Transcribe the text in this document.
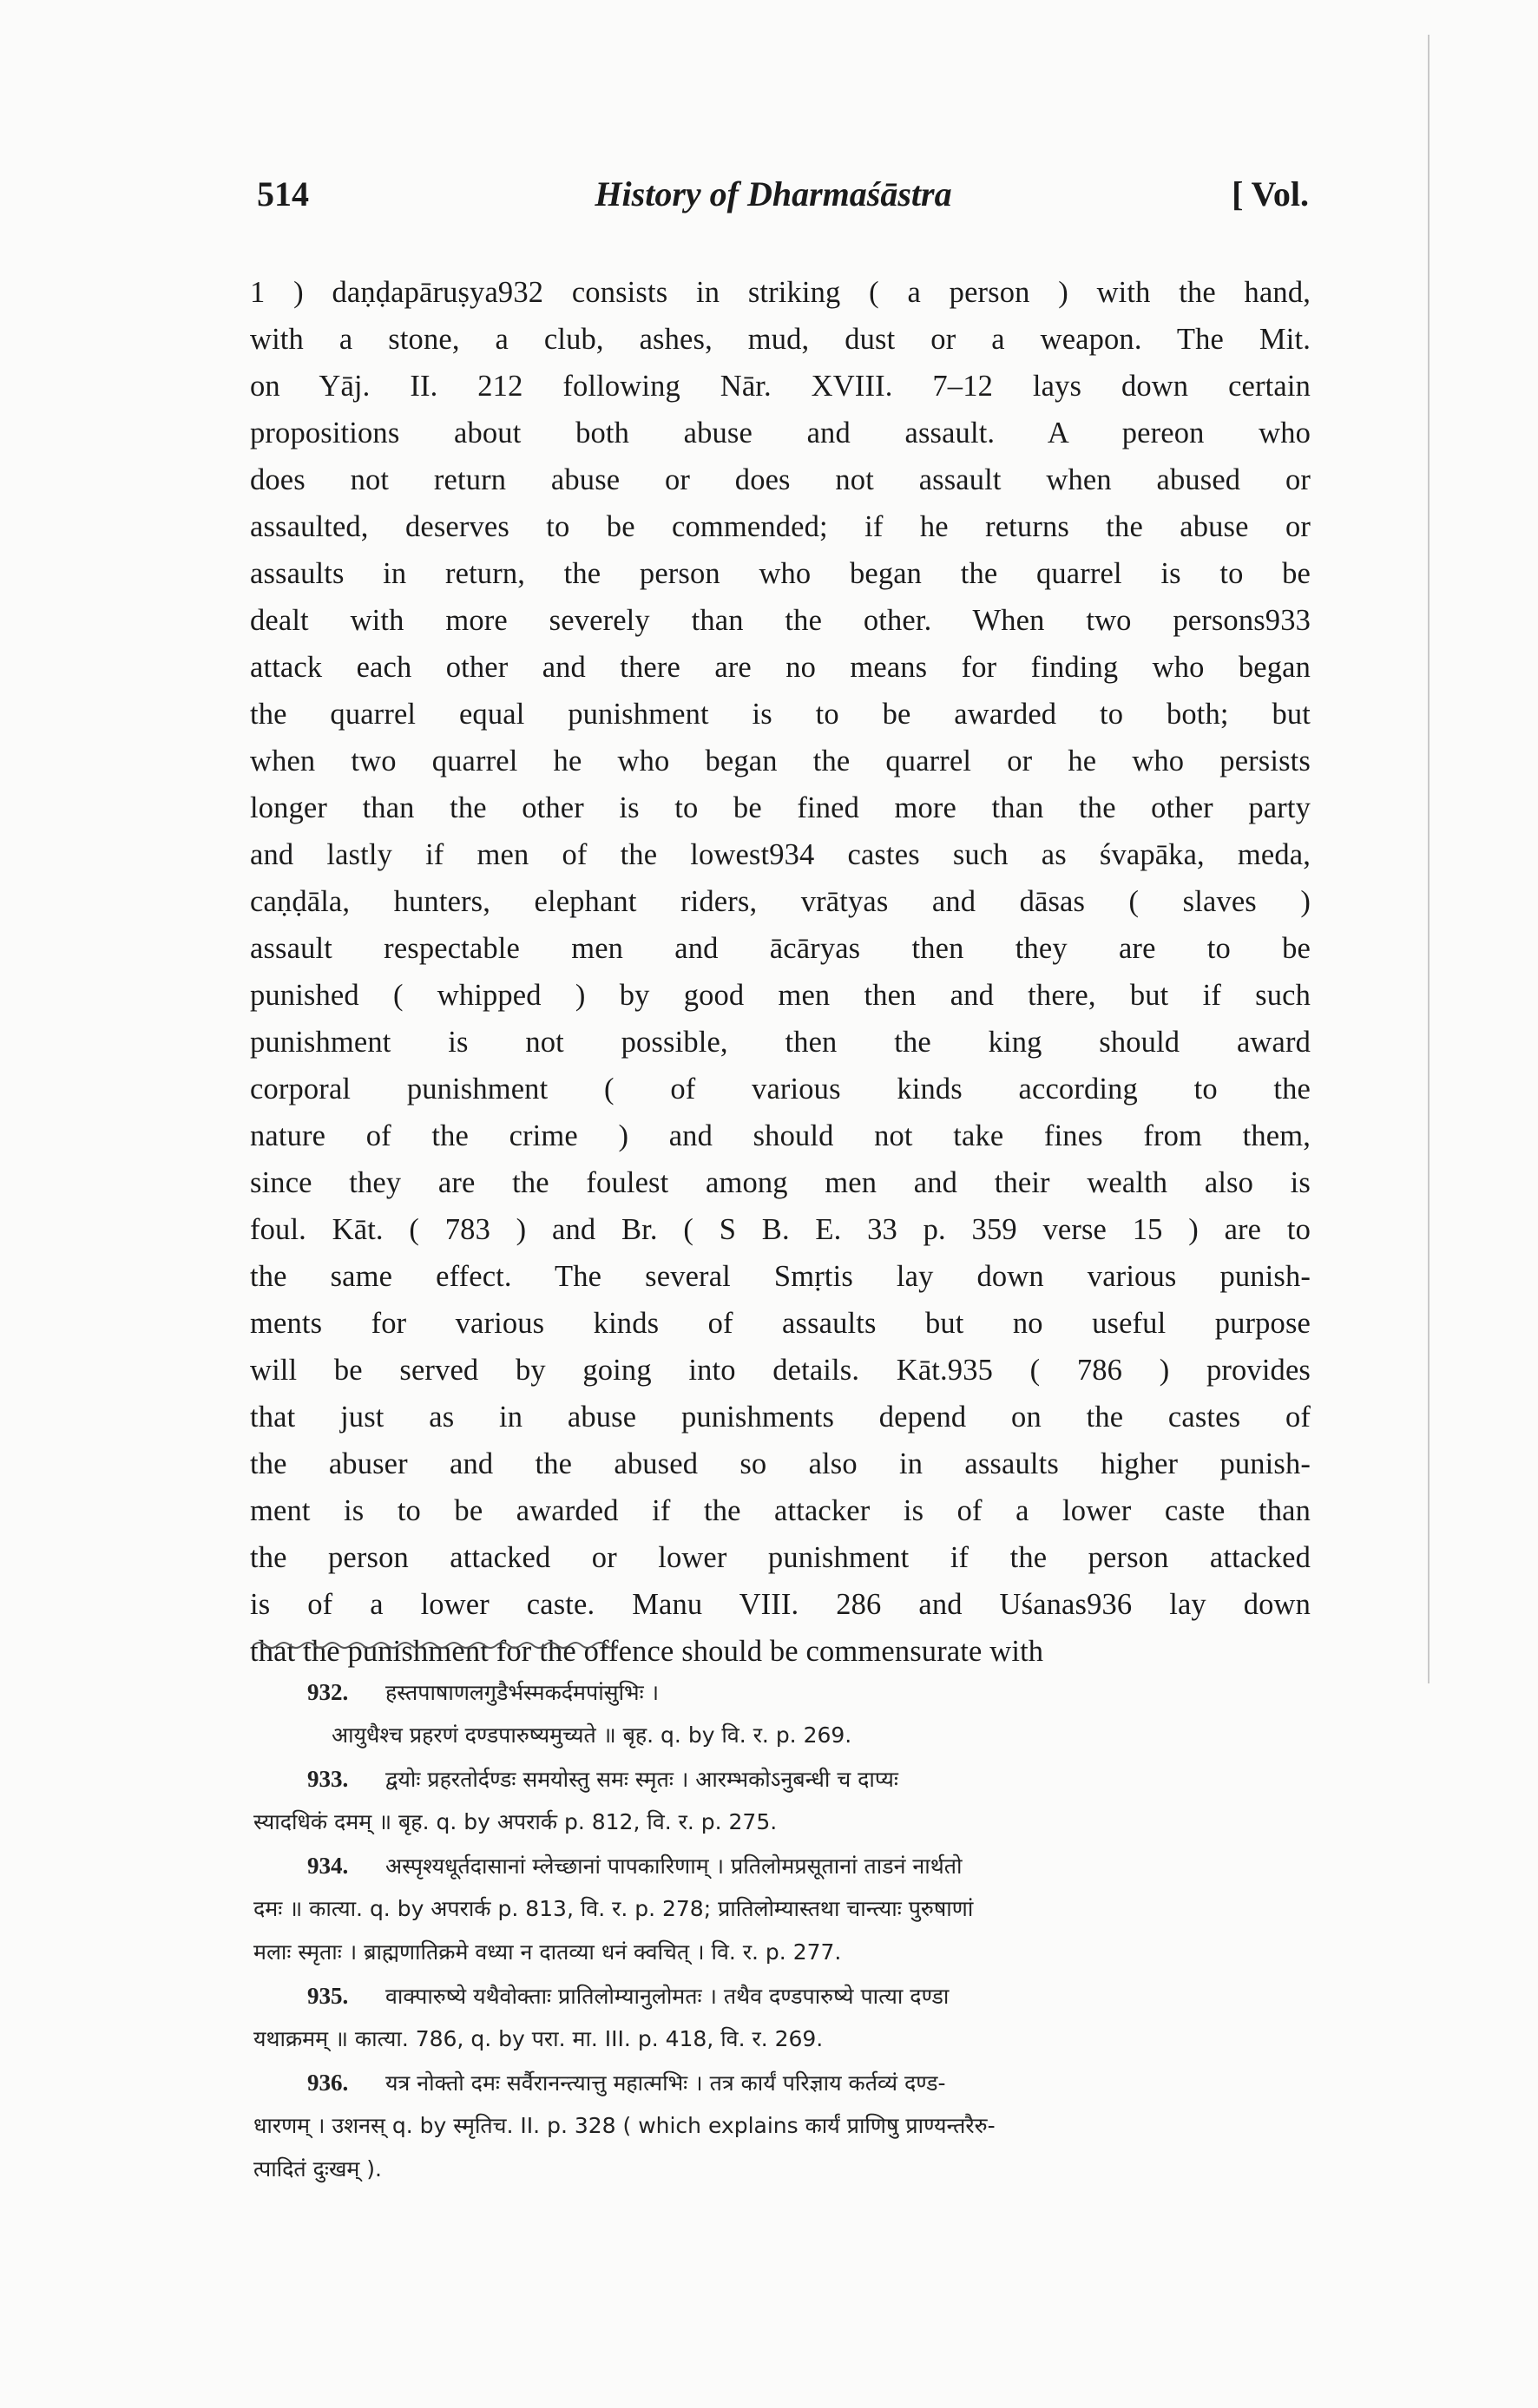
514	History of Dharmaśāstra	[ Vol.
1 ) daṇḍapāruṣya932 consists in striking ( a person ) with the hand,
with a stone, a club, ashes, mud, dust or a weapon. The Mit.
on Yāj. II. 212 following Nār. XVIII. 7–12 lays down certain
propositions about both abuse and assault. A pereon who
does not return abuse or does not assault when abused or
assaulted, deserves to be commended; if he returns the abuse or
assaults in return, the person who began the quarrel is to be
dealt with more severely than the other. When two persons933
attack each other and there are no means for finding who began
the quarrel equal punishment is to be awarded to both; but
when two quarrel he who began the quarrel or he who persists
longer than the other is to be fined more than the other party
and lastly if men of the lowest934 castes such as śvapāka, meda,
caṇḍāla, hunters, elephant riders, vrātyas and dāsas ( slaves )
assault respectable men and ācāryas then they are to be
punished ( whipped ) by good men then and there, but if such
punishment is not possible, then the king should award
corporal punishment ( of various kinds according to the
nature of the crime ) and should not take fines from them,
since they are the foulest among men and their wealth also is
foul. Kāt. ( 783 ) and Br. ( S B. E. 33 p. 359 verse 15 ) are to
the same effect. The several Smṛtis lay down various punish-
ments for various kinds of assaults but no useful purpose
will be served by going into details. Kāt.935 ( 786 ) provides
that just as in abuse punishments depend on the castes of
the abuser and the abused so also in assaults higher punish-
ment is to be awarded if the attacker is of a lower caste than
the person attacked or lower punishment if the person attacked
is of a lower caste. Manu VIII. 286 and Uśanas936 lay down
that the punishment for the offence should be commensurate with
932. हस्तपाषाणलगुडैर्भस्मकर्दमपांसुभिः ।
आयुधैश्च प्रहरणं दण्डपारुष्यमुच्यते ॥ बृह. q. by वि. र. p. 269.
933. द्वयोः प्रहरतोर्दण्डः समयोस्तु समः स्मृतः । आरम्भकोऽनुबन्धी च दाप्यः
स्यादधिकं दमम् ॥ बृह. q. by अपरार्क p. 812, वि. र. p. 275.
934. अस्पृश्यधूर्तदासानां म्लेच्छानां पापकारिणाम् । प्रतिलोमप्रसूतानां ताडनं नार्थतो
दमः ॥ कात्या. q. by अपरार्क p. 813, वि. र. p. 278; प्रातिलोम्यास्तथा चान्त्याः पुरुषाणां
मलाः स्मृताः । ब्राह्मणातिक्रमे वध्या न दातव्या धनं क्वचित् । वि. र. p. 277.
935. वाक्पारुष्ये यथैवोक्ताः प्रातिलोम्यानुलोमतः । तथैव दण्डपारुष्ये पात्या दण्डा
यथाक्रमम् ॥ कात्या. 786, q. by परा. मा. III. p. 418, वि. र. 269.
936. यत्र नोक्तो दमः सर्वैरानन्त्यात्तु महात्मभिः । तत्र कार्यं परिज्ञाय कर्तव्यं दण्ड-
धारणम् । उशनस् q. by स्मृतिच. II. p. 328 ( which explains कार्यं प्राणिषु प्राण्यन्तरैरु-
त्पादितं दुःखम् ).
